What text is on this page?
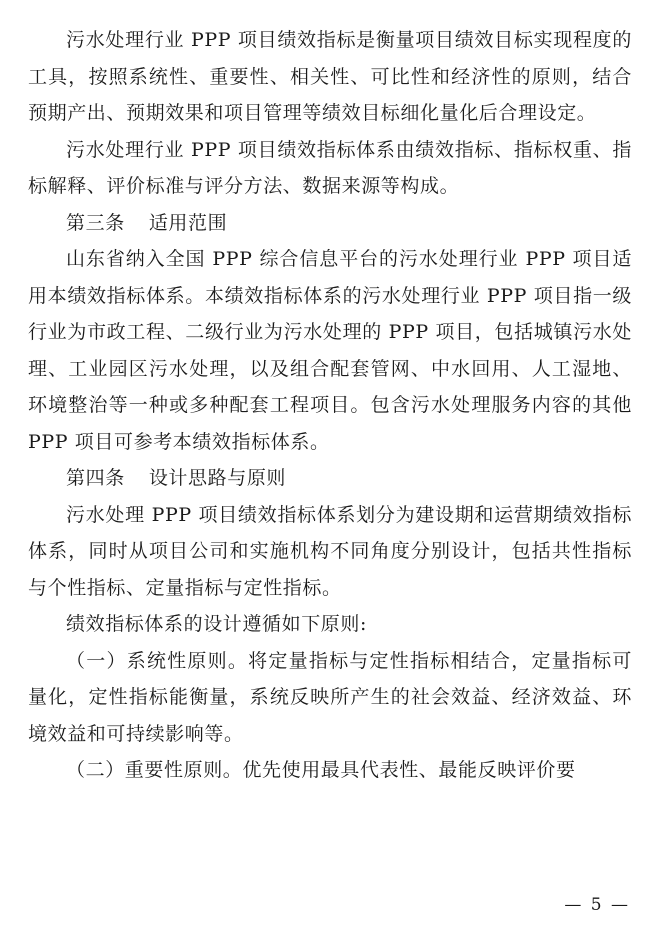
污水处理行业 PPP 项目绩效指标是衡量项目绩效目标实现程度的工具，按照系统性、重要性、相关性、可比性和经济性的原则，结合预期产出、预期效果和项目管理等绩效目标细化量化后合理设定。

污水处理行业 PPP 项目绩效指标体系由绩效指标、指标权重、指标解释、评价标准与评分方法、数据来源等构成。

第三条 适用范围

山东省纳入全国 PPP 综合信息平台的污水处理行业 PPP 项目适用本绩效指标体系。本绩效指标体系的污水处理行业 PPP 项目指一级行业为市政工程、二级行业为污水处理的 PPP 项目，包括城镇污水处理、工业园区污水处理，以及组合配套管网、中水回用、人工湿地、环境整治等一种或多种配套工程项目。包含污水处理服务内容的其他 PPP 项目可参考本绩效指标体系。

第四条 设计思路与原则

污水处理 PPP 项目绩效指标体系划分为建设期和运营期绩效指标体系，同时从项目公司和实施机构不同角度分别设计，包括共性指标与个性指标、定量指标与定性指标。

绩效指标体系的设计遵循如下原则:

（一）系统性原则。将定量指标与定性指标相结合，定量指标可量化，定性指标能衡量，系统反映所产生的社会效益、经济效益、环境效益和可持续影响等。

（二）重要性原则。优先使用最具代表性、最能反映评价要

— 5 —
